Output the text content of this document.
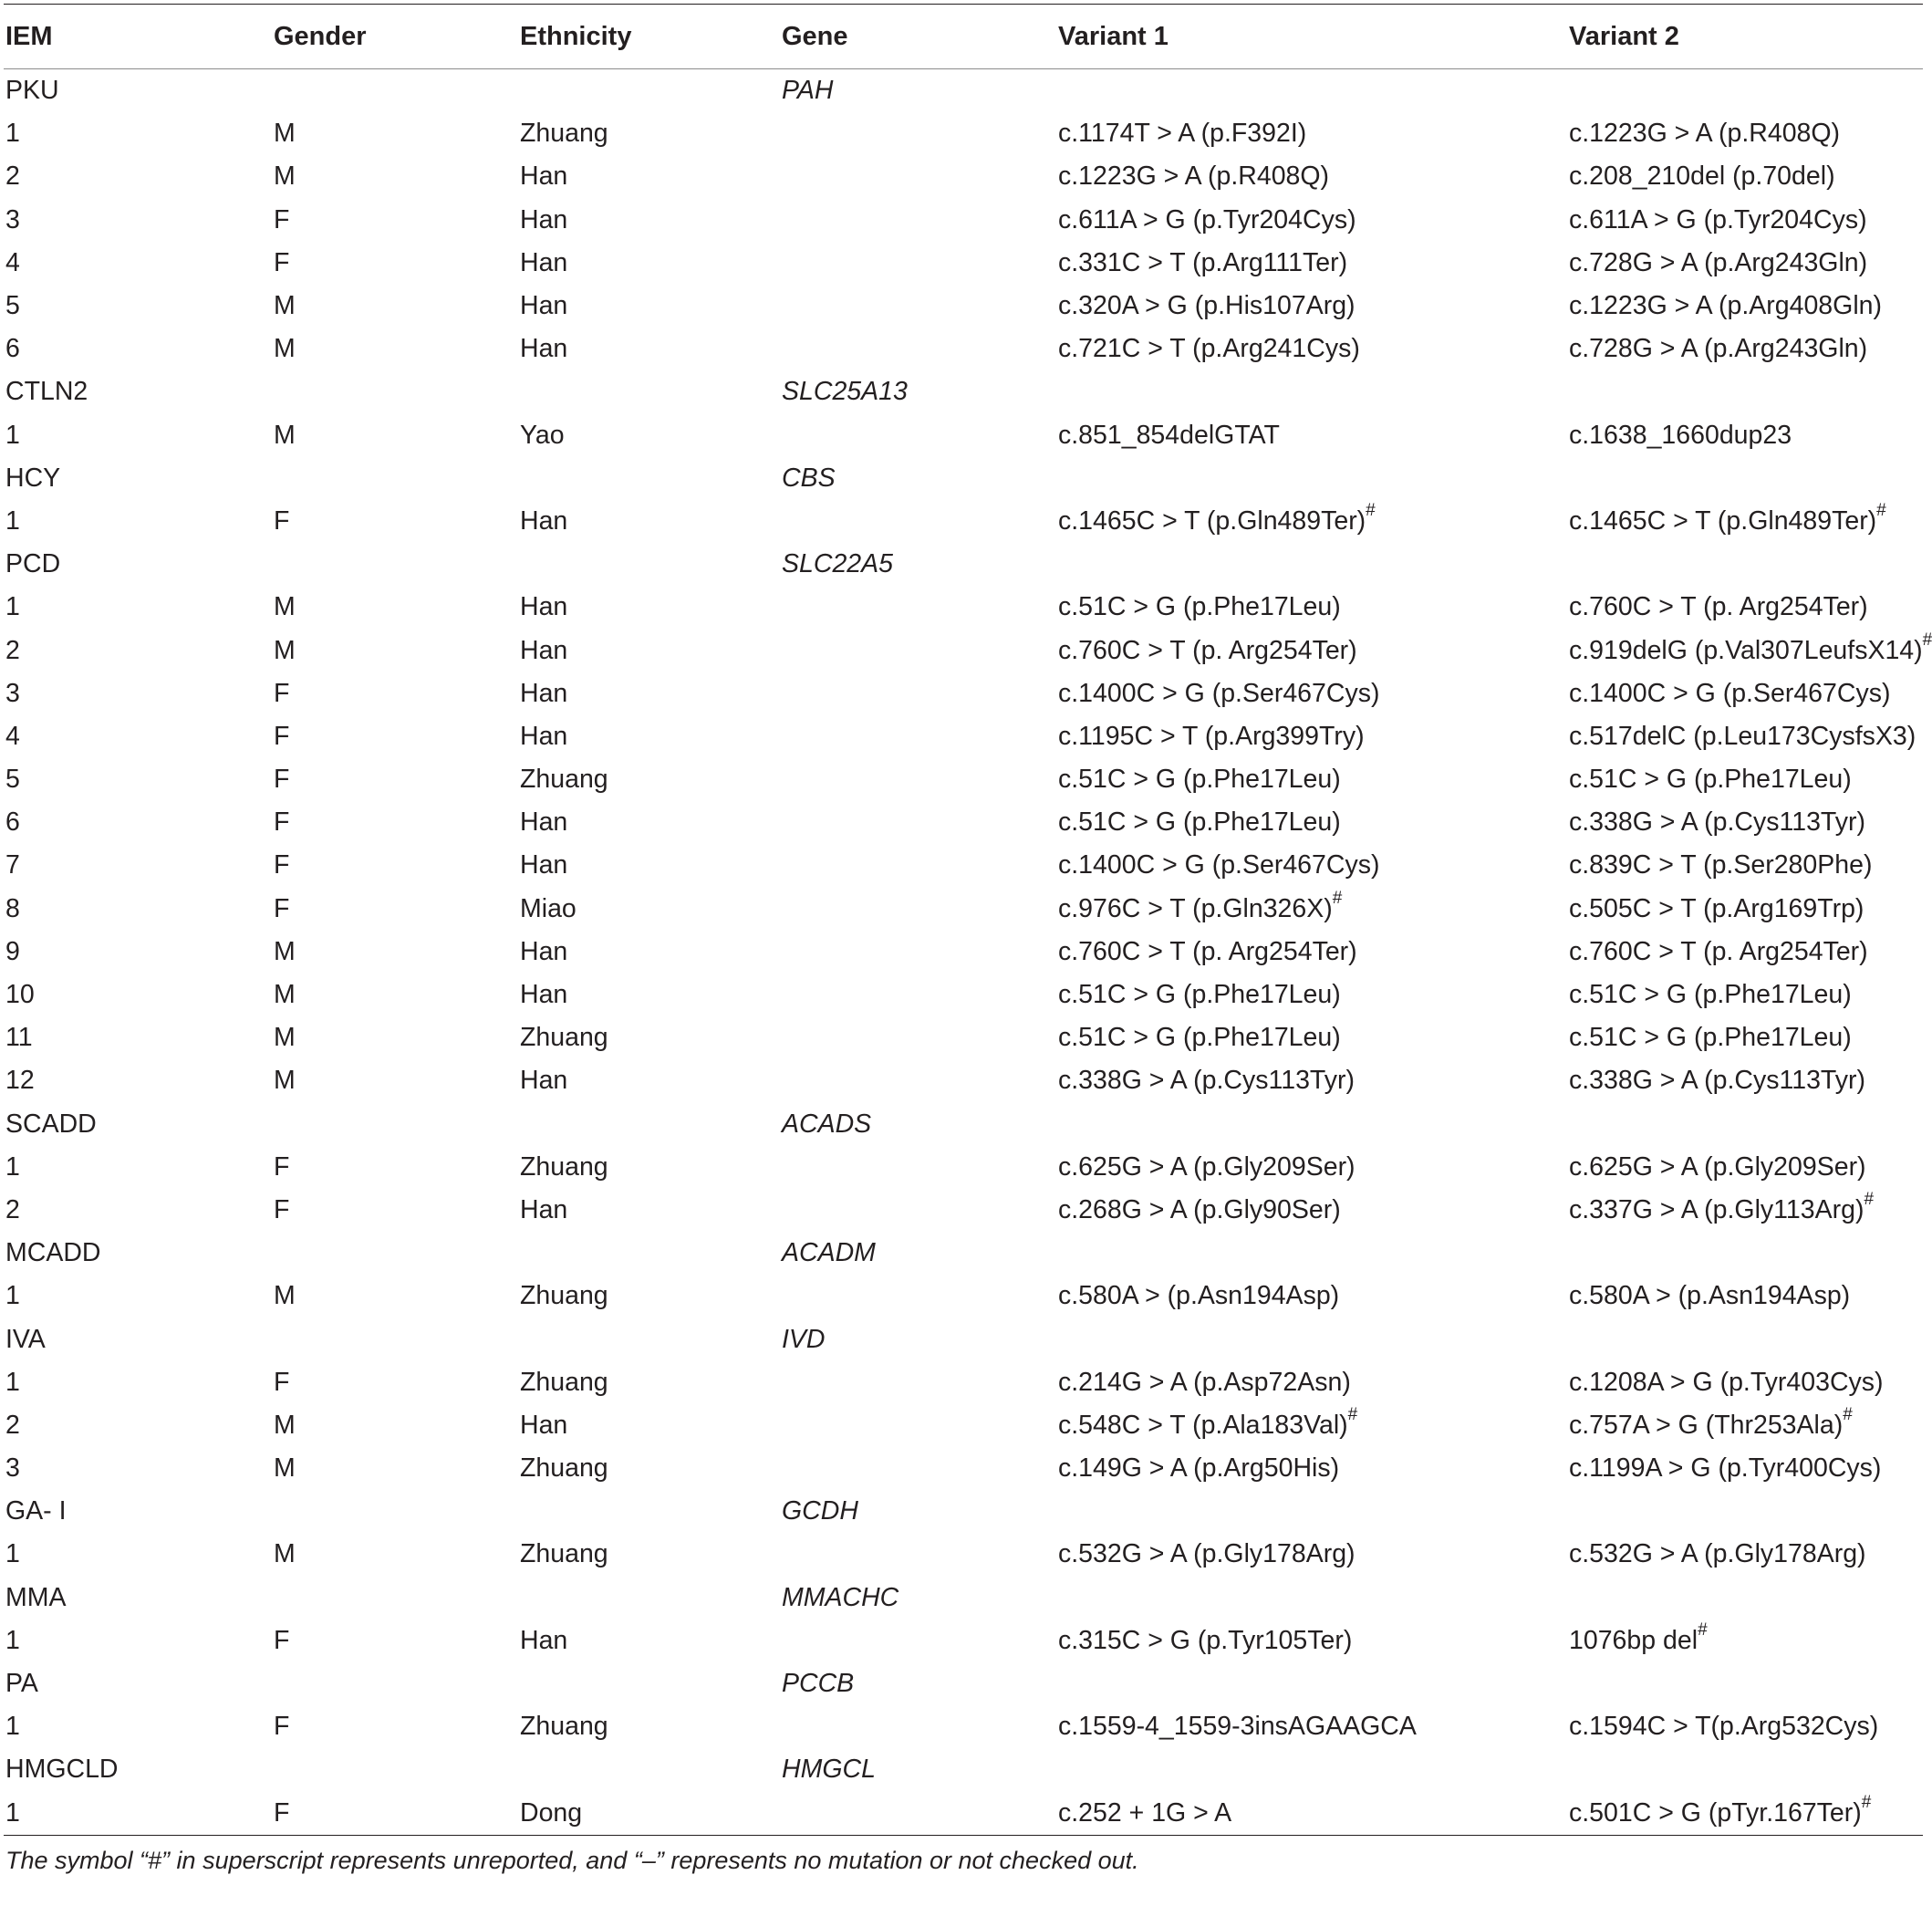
IEM	Gender	Ethnicity	Gene	Variant 1	Variant 2
PKU			PAH		
1	M	Zhuang		c.1174T > A (p.F392I)	c.1223G > A (p.R408Q)
2	M	Han		c.1223G > A (p.R408Q)	c.208_210del (p.70del)
3	F	Han		c.611A > G (p.Tyr204Cys)	c.611A > G (p.Tyr204Cys)
4	F	Han		c.331C > T (p.Arg111Ter)	c.728G > A (p.Arg243Gln)
5	M	Han		c.320A > G (p.His107Arg)	c.1223G > A (p.Arg408Gln)
6	M	Han		c.721C > T (p.Arg241Cys)	c.728G > A (p.Arg243Gln)
CTLN2			SLC25A13		
1	M	Yao		c.851_854delGTAT	c.1638_1660dup23
HCY			CBS		
1	F	Han		c.1465C > T (p.Gln489Ter)#	c.1465C > T (p.Gln489Ter)#
PCD			SLC22A5		
1	M	Han		c.51C > G (p.Phe17Leu)	c.760C > T (p. Arg254Ter)
2	M	Han		c.760C > T (p. Arg254Ter)	c.919delG (p.Val307LeufsX14)#
3	F	Han		c.1400C > G (p.Ser467Cys)	c.1400C > G (p.Ser467Cys)
4	F	Han		c.1195C > T (p.Arg399Try)	c.517delC (p.Leu173CysfsX3)
5	F	Zhuang		c.51C > G (p.Phe17Leu)	c.51C > G (p.Phe17Leu)
6	F	Han		c.51C > G (p.Phe17Leu)	c.338G > A (p.Cys113Tyr)
7	F	Han		c.1400C > G (p.Ser467Cys)	c.839C > T (p.Ser280Phe)
8	F	Miao		c.976C > T (p.Gln326X)#	c.505C > T (p.Arg169Trp)
9	M	Han		c.760C > T (p. Arg254Ter)	c.760C > T (p. Arg254Ter)
10	M	Han		c.51C > G (p.Phe17Leu)	c.51C > G (p.Phe17Leu)
11	M	Zhuang		c.51C > G (p.Phe17Leu)	c.51C > G (p.Phe17Leu)
12	M	Han		c.338G > A (p.Cys113Tyr)	c.338G > A (p.Cys113Tyr)
SCADD			ACADS		
1	F	Zhuang		c.625G > A (p.Gly209Ser)	c.625G > A (p.Gly209Ser)
2	F	Han		c.268G > A (p.Gly90Ser)	c.337G > A (p.Gly113Arg)#
MCADD			ACADM		
1	M	Zhuang		c.580A > (p.Asn194Asp)	c.580A > (p.Asn194Asp)
IVA			IVD		
1	F	Zhuang		c.214G > A (p.Asp72Asn)	c.1208A > G (p.Tyr403Cys)
2	M	Han		c.548C > T (p.Ala183Val)#	c.757A > G (Thr253Ala)#
3	M	Zhuang		c.149G > A (p.Arg50His)	c.1199A > G (p.Tyr400Cys)
GA- I			GCDH		
1	M	Zhuang		c.532G > A (p.Gly178Arg)	c.532G > A (p.Gly178Arg)
MMA			MMACHC		
1	F	Han		c.315C > G (p.Tyr105Ter)	1076bp del#
PA			PCCB		
1	F	Zhuang		c.1559-4_1559-3insAGAAGCA	c.1594C > T(p.Arg532Cys)
HMGCLD			HMGCL		
1	F	Dong		c.252 + 1G > A	c.501C > G (pTyr.167Ter)#
The symbol “#” in superscript represents unreported, and “–” represents no mutation or not checked out.
